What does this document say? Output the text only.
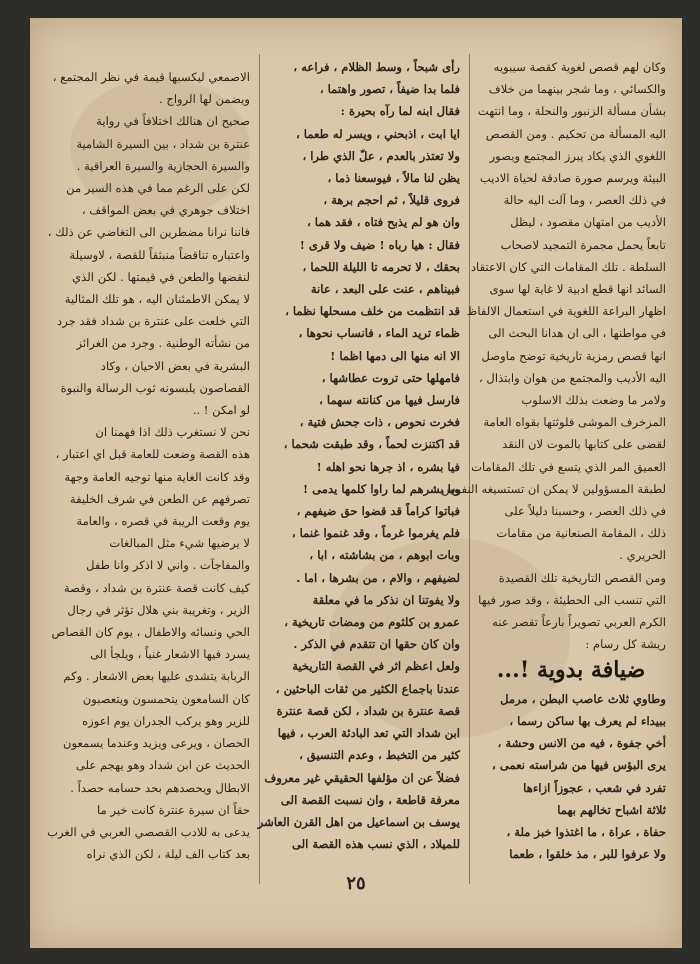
وكان لهم قصص لغوية كقصة سيبويه
والكسائي ، وما شجر بينهما من خلاف
بشأن مسألة الزنبور والنحلة ، وما انتهت
اليه المسألة من تحكيم . ومن القصص
اللغوي الذي يكاد يبرز المجتمع ويصور
البيئة ويرسم صورة صادقة لحياة الاديب
في ذلك العصر ، وما آلت اليه حالة
الأديب من امتهان مقصود ، ليظل
تابعاً يحمل مجمرة التمجيد لاصحاب
السلطة . تلك المقامات التي كان الاعتقاد
السائد انها قطع ادبية لا غاية لها سوى
اظهار البراعة اللغوية في استعمال الالفاظ
في مواطنها ، الى ان هدانا البحث الى
انها قصص رمزية تاريخية توضح ماوصل
اليه الأديب والمجتمع من هوان وابتذال ،
ولامر ما وضعت بذلك الاسلوب
المزخرف الموشى فلوثتها بقواه العامة
لقضى على كتابها بالموت لان النقد
العميق المر الذي يتسع في تلك المقامات
لطبقة المسؤولين لا يمكن ان تستسيغه النفوس
في ذلك العصر ، وحسبنا دليلاً على
ذلك ، المقامة الصنعانية من مقامات
الحريري .
ومن القصص التاريخية تلك القصيدة
التي تنسب الى الحطيئة ، وقد صور فيها
الكرم العربي تصويراً بارعاً تقصر عنه
ريشة كل رسام :
ضيافة بدوية !...
وطاوي ثلاث عاصب البطن ، مرمل
ببيداء لم يعرف بها ساكن رسما ،
أخي جفوة ، فيه من الانس وحشة ،
يرى البؤس فيها من شراسته نعمى ،
تفرد في شعب ، عجوزاً ازاءها
ثلاثة اشباح تخالهم بهما
حفاة ، عراة ، ما اغتذوا خبز ملة ،
ولا عرفوا للبر ، مذ خلقوا ، طعما
رأى شبحاً ، وسط الظلام ، فراعه ،
فلما بدا ضيفاً ، تصور واهتما ،
فقال ابنه لما رآه بحيرة :
ايا ابت ، اذبحني ، ويسر له طعما ،
ولا تعتذر بالعدم ، علّ الذي طرا ،
يظن لنا مالاً ، فيوسعنا ذما ،
فروى قليلاً ، ثم احجم برهة ،
وان هو لم يذبح فتاه ، فقد هما ،
فقال : هيا رباه ! ضيف ولا قرى !
بحقك ، لا تحرمه تا الليلة اللحما ،
فبيناهم ، عنت على البعد ، عانة
قد انتظمت من خلف مسحلها نظما ،
ظماء تريد الماء ، فانساب نحوها ،
الا انه منها الى دمها اظما !
فامهلها حتى تروت عطاشها ،
فارسل فيها من كنانته سهما ،
فخرت نحوص ، ذات جحش فتية ،
قد اكتنزت لحماً ، وقد طبقت شحما ،
فيا بشره ، اذ جرها نحو اهله !
ويا بشرهم لما راوا كلمها يدمى !
فباتوا كراماً قد قضوا حق ضيفهم ،
فلم يغرموا غرماً ، وقد غنموا غنما ،
وبات ابوهم ، من بشاشته ، ابا ،
لضيفهم ، والام ، من بشرها ، اما .
ولا يفوتنا ان نذكر ما في معلقة
عمرو بن كلثوم من ومضات تاريخية ،
وان كان حقها ان تتقدم في الذكر .
ولعل اعظم اثر في القصة التاريخية
عندنا باجماع الكثير من ثقات الباحثين ،
قصة عنترة بن شداد ، لكن قصة عنترة
ابن شداد التي تعد البادئة العرب ، فيها
كثير من التخبط ، وعدم التنسيق ،
فضلاً عن ان مؤلفها الحقيقي غير معروف
معرفة قاطعة ، وان نسبت القصة الى
يوسف بن اسماعيل من اهل القرن العاشر
للميلاد ، الذي نسب هذه القصة الى
الاصمعي ليكسبها قيمة في نظر المجتمع ،
ويضمن لها الرواج .
صحيح ان هنالك اختلافاً في رواية
عنترة بن شداد ، بين السيرة الشامية
والسيرة الحجازية والسيرة العراقية .
لكن على الرغم مما في هذه السير من
اختلاف جوهري في بعض المواقف ،
فاننا نرانا مضطرين الى التغاضي عن ذلك ،
واعتباره تناقضاً منبثقاً للقصة ، لاوسيلة
لنقضها والطعن في قيمتها . لكن الذي
لا يمكن الاطمئنان اليه ، هو تلك المثالية
التي خلعت على عنترة بن شداد فقد جرد
من نشأته الوطنية . وجرد من الغرائز
البشرية في بعض الاحيان ، وكاد
القصاصون يلبسونه ثوب الرسالة والنبوة
لو امكن ! ..
نحن لا نستغرب ذلك اذا فهمنا ان
هذه القصة وضعت للعامة قبل اي اعتبار ،
وقد كانت الغاية منها توجيه العامة وجهة
تصرفهم عن الطعن في شرف الخليفة
يوم وقعت الريبة في قصره ، والعامة
لا يرضيها شيء مثل المبالغات
والمفاجآت . واني لا اذكر وانا طفل
كيف كانت قصة عنترة بن شداد ، وقصة
الزير ، وتغريبة بني هلال تؤثر في رجال
الحي ونسائه والاطفال ، يوم كان القصاص
يسرد فيها الاشعار غنياً ، ويلجأ الى
الربابة يتشدى عليها بعض الاشعار . وكم
كان السامعون يتحمسون ويتعصبون
للزير وهو يركب الجدران يوم اعوزه
الحصان ، ويرعى ويزيد وعندما يسمعون
الحديث عن ابن شداد وهو يهجم على
الابطال ويحصدهم بحد حسامه حصداً .
حقاً ان سيرة عنترة كانت خير ما
يدعى به للادب القصصي العربي في الغرب
بعد كتاب الف ليلة ، لكن الذي نراه
٢٥
